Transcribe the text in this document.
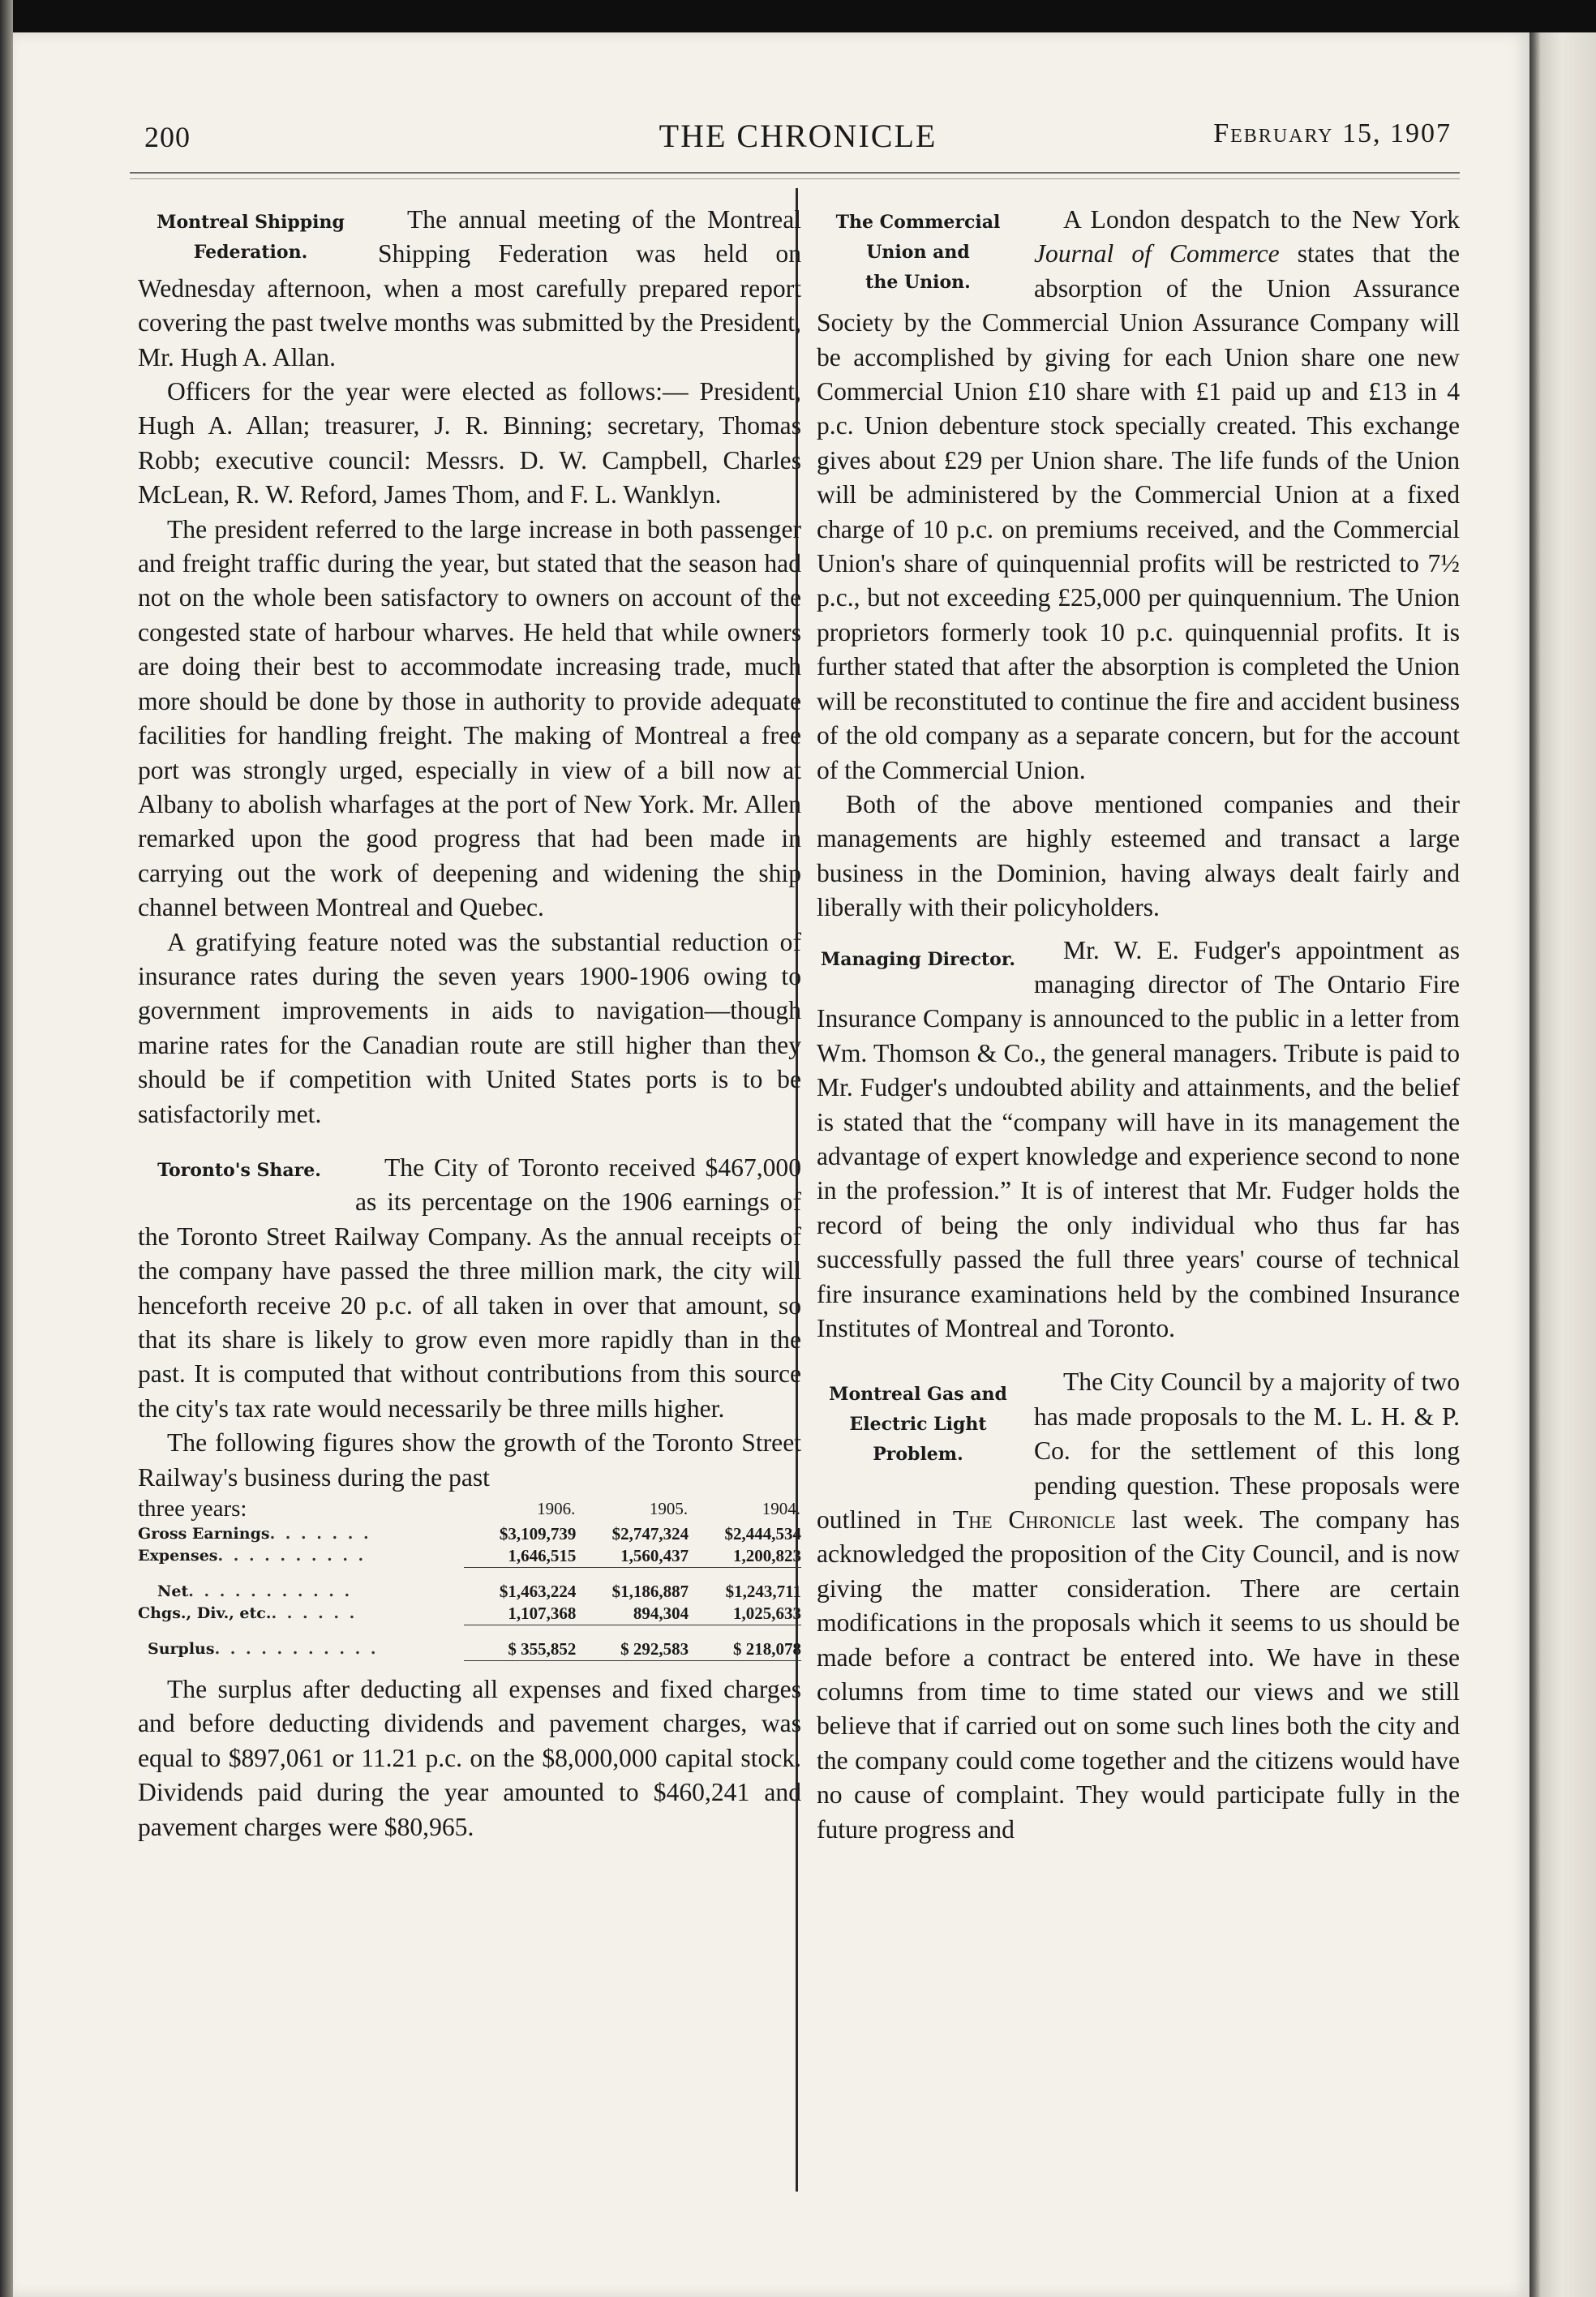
200	THE CHRONICLE	February 15, 1907
Montreal Shipping
Federation.

The annual meeting of the Montreal Shipping Federation was held on Wednesday afternoon, when a most carefully prepared report covering the past twelve months was submitted by the President, Mr. Hugh A. Allan.

Officers for the year were elected as follows:— President, Hugh A. Allan; treasurer, J. R. Binning; secretary, Thomas Robb; executive council: Messrs. D. W. Campbell, Charles McLean, R. W. Reford, James Thom, and F. L. Wanklyn.

The president referred to the large increase in both passenger and freight traffic during the year, but stated that the season had not on the whole been satisfactory to owners on account of the congested state of harbour wharves. He held that while owners are doing their best to accommodate increasing trade, much more should be done by those in authority to provide adequate facilities for handling freight. The making of Montreal a free port was strongly urged, especially in view of a bill now at Albany to abolish wharfages at the port of New York. Mr. Allen remarked upon the good progress that had been made in carrying out the work of deepening and widening the ship channel between Montreal and Quebec.

A gratifying feature noted was the substantial reduction of insurance rates during the seven years 1900-1906 owing to government improvements in aids to navigation—though marine rates for the Canadian route are still higher than they should be if competition with United States ports is to be satisfactorily met.

Toronto's Share.	The City of Toronto received $467,000 as its percentage on the 1906 earnings of the Toronto Street Railway Company. As the annual receipts of the company have passed the three million mark, the city will henceforth receive 20 p.c. of all taken in over that amount, so that its share is likely to grow even more rapidly than in the past. It is computed that without contributions from this source the city's tax rate would necessarily be three mills higher.

The following figures show the growth of the Toronto Street Railway's business during the past

three years:	1906.	1905.	1904.
Gross Earnings. . . . . . .	$3,109,739	$2,747,324	$2,444,534
Expenses. . . . . . . . . .	1,646,515	1,560,437	1,200,823

Net. . . . . . . . . . .	$1,463,224	$1,186,887	$1,243,711
Chgs., Div., etc.. . . . . .	1,107,368	894,304	1,025,633

Surplus. . . . . . . . . . .	$ 355,852	$ 292,583	$ 218,078

The surplus after deducting all expenses and fixed charges and before deducting dividends and pavement charges, was equal to $897,061 or 11.21 p.c. on the $8,000,000 capital stock. Dividends paid during the year amounted to $460,241 and pavement charges were $80,965.

The Commercial
Union and
the Union.

A London despatch to the New York Journal of Commerce states that the absorption of the Union Assurance Society by the Commercial Union Assurance Company will be accomplished by giving for each Union share one new Commercial Union £10 share with £1 paid up and £13 in 4 p.c. Union debenture stock specially created. This exchange gives about £29 per Union share. The life funds of the Union will be administered by the Commercial Union at a fixed charge of 10 p.c. on premiums received, and the Commercial Union's share of quinquennial profits will be restricted to 7½ p.c., but not exceeding £25,000 per quinquennium. The Union proprietors formerly took 10 p.c. quinquennial profits. It is further stated that after the absorption is completed the Union will be reconstituted to continue the fire and accident business of the old company as a separate concern, but for the account of the Commercial Union.

Both of the above mentioned companies and their managements are highly esteemed and transact a large business in the Dominion, having always dealt fairly and liberally with their policyholders.

Managing Director.	Mr. W. E. Fudger's appointment as managing director of The Ontario Fire Insurance Company is announced to the public in a letter from Wm. Thomson & Co., the general managers. Tribute is paid to Mr. Fudger's undoubted ability and attainments, and the belief is stated that the “company will have in its management the advantage of expert knowledge and experience second to none in the profession.” It is of interest that Mr. Fudger holds the record of being the only individual who thus far has successfully passed the full three years' course of technical fire insurance examinations held by the combined Insurance Institutes of Montreal and Toronto.

Montreal Gas and
Electric Light
Problem.

The City Council by a majority of two has made proposals to the M. L. H. & P. Co. for the settlement of this long pending question. These proposals were outlined in The Chronicle last week. The company has acknowledged the proposition of the City Council, and is now giving the matter consideration. There are certain modifications in the proposals which it seems to us should be made before a contract be entered into. We have in these columns from time to time stated our views and we still believe that if carried out on some such lines both the city and the company could come together and the citizens would have no cause of complaint. They would participate fully in the future progress and
